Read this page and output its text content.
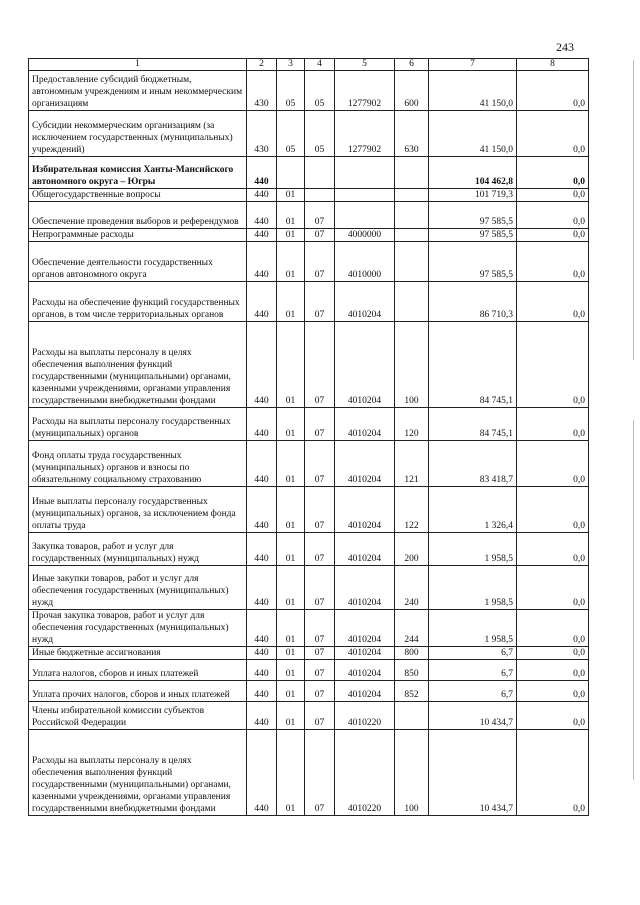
243
1	2	3	4	5	6	7	8
Предоставление субсидий бюджетным, автономным учреждениям и иным некоммерческим организациям	430	05	05	1277902	600	41 150,0	0,0
Субсидии некоммерческим организациям (за исключением государственных (муниципальных) учреждений)	430	05	05	1277902	630	41 150,0	0,0
Избирательная комиссия Ханты-Мансийского автономного округа – Югры	440					104 462,8	0,0
Общегосударственные вопросы	440	01				101 719,3	0,0
Обеспечение проведения выборов и референдумов	440	01	07			97 585,5	0,0
Непрограммные расходы	440	01	07	4000000		97 585,5	0,0
Обеспечение деятельности государственных органов автономного округа	440	01	07	4010000		97 585,5	0,0
Расходы на обеспечение функций государственных органов, в том числе территориальных органов	440	01	07	4010204		86 710,3	0,0
Расходы на выплаты персоналу в целях обеспечения выполнения функций государственными (муниципальными) органами, казенными учреждениями, органами управления государственными внебюджетными фондами	440	01	07	4010204	100	84 745,1	0,0
Расходы на выплаты персоналу государственных (муниципальных) органов	440	01	07	4010204	120	84 745,1	0,0
Фонд оплаты труда государственных (муниципальных) органов и взносы по обязательному социальному страхованию	440	01	07	4010204	121	83 418,7	0,0
Иные выплаты персоналу государственных (муниципальных) органов, за исключением фонда оплаты труда	440	01	07	4010204	122	1 326,4	0,0
Закупка товаров, работ и услуг для государственных (муниципальных) нужд	440	01	07	4010204	200	1 958,5	0,0
Иные закупки товаров, работ и услуг для обеспечения государственных (муниципальных) нужд	440	01	07	4010204	240	1 958,5	0,0
Прочая закупка товаров, работ и услуг для обеспечения государственных (муниципальных) нужд	440	01	07	4010204	244	1 958,5	0,0
Иные бюджетные ассигнования	440	01	07	4010204	800	6,7	0,0
Уплата налогов, сборов и иных платежей	440	01	07	4010204	850	6,7	0,0
Уплата прочих налогов, сборов и иных платежей	440	01	07	4010204	852	6,7	0,0
Члены избирательной комиссии субъектов Российской Федерации	440	01	07	4010220		10 434,7	0,0
Расходы на выплаты персоналу в целях обеспечения выполнения функций государственными (муниципальными) органами, казенными учреждениями, органами управления государственными внебюджетными фондами	440	01	07	4010220	100	10 434,7	0,0
